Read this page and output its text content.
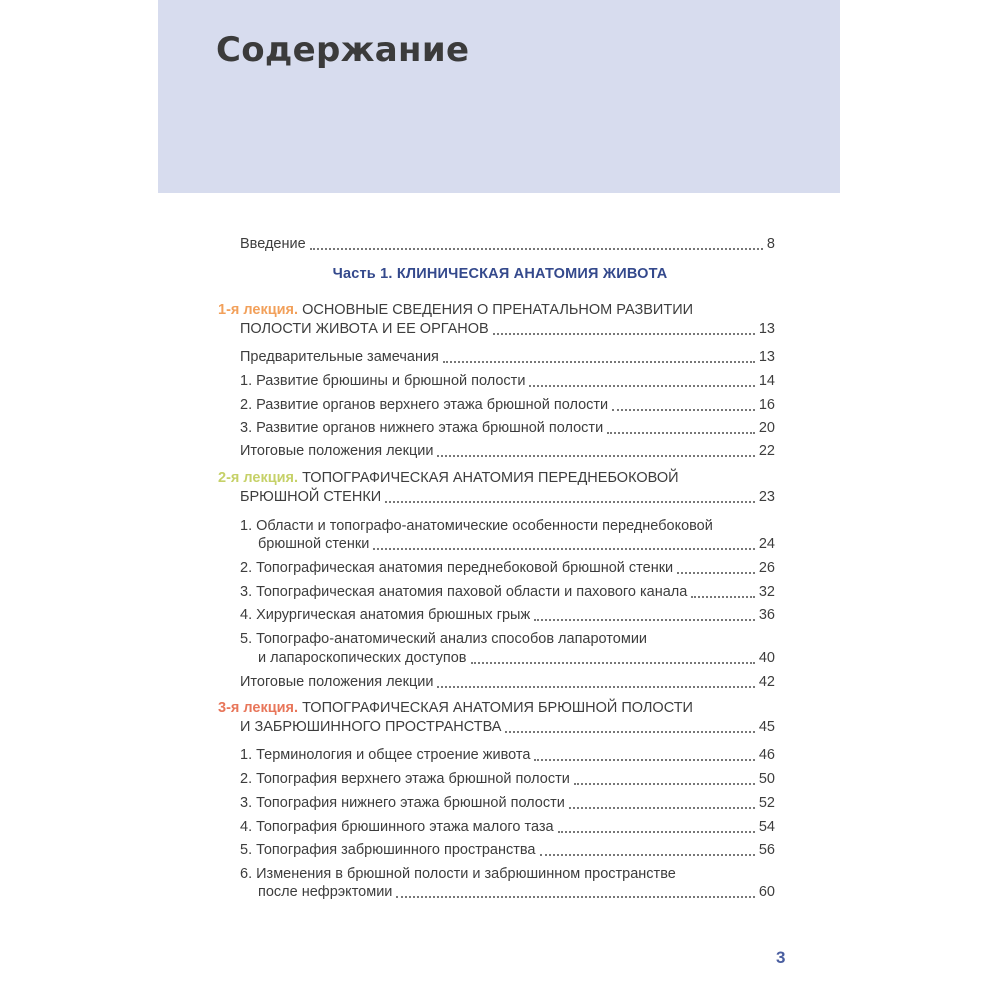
Содержание
Введение	8
Часть 1. КЛИНИЧЕСКАЯ АНАТОМИЯ ЖИВОТА
1-я лекция. ОСНОВНЫЕ СВЕДЕНИЯ О ПРЕНАТАЛЬНОМ РАЗВИТИИ
ПОЛОСТИ ЖИВОТА И ЕЕ ОРГАНОВ	13
Предварительные замечания	13
1. Развитие брюшины и брюшной полости	14
2. Развитие органов верхнего этажа брюшной полости	16
3. Развитие органов нижнего этажа брюшной полости	20
Итоговые положения лекции	22
2-я лекция. ТОПОГРАФИЧЕСКАЯ АНАТОМИЯ ПЕРЕДНЕБОКОВОЙ
БРЮШНОЙ СТЕНКИ	23
1. Области и топографо-анатомические особенности переднебоковой
брюшной стенки	24
2. Топографическая анатомия переднебоковой брюшной стенки	26
3. Топографическая анатомия паховой области и пахового канала	32
4. Хирургическая анатомия брюшных грыж	36
5. Топографо-анатомический анализ способов лапаротомии
и лапароскопических доступов	40
Итоговые положения лекции	42
3-я лекция. ТОПОГРАФИЧЕСКАЯ АНАТОМИЯ БРЮШНОЙ ПОЛОСТИ
И ЗАБРЮШИННОГО ПРОСТРАНСТВА	45
1. Терминология и общее строение живота	46
2. Топография верхнего этажа брюшной полости	50
3. Топография нижнего этажа брюшной полости	52
4. Топография брюшинного этажа малого таза	54
5. Топография забрюшинного пространства	56
6. Изменения в брюшной полости и забрюшинном пространстве
после нефрэктомии	60
3
